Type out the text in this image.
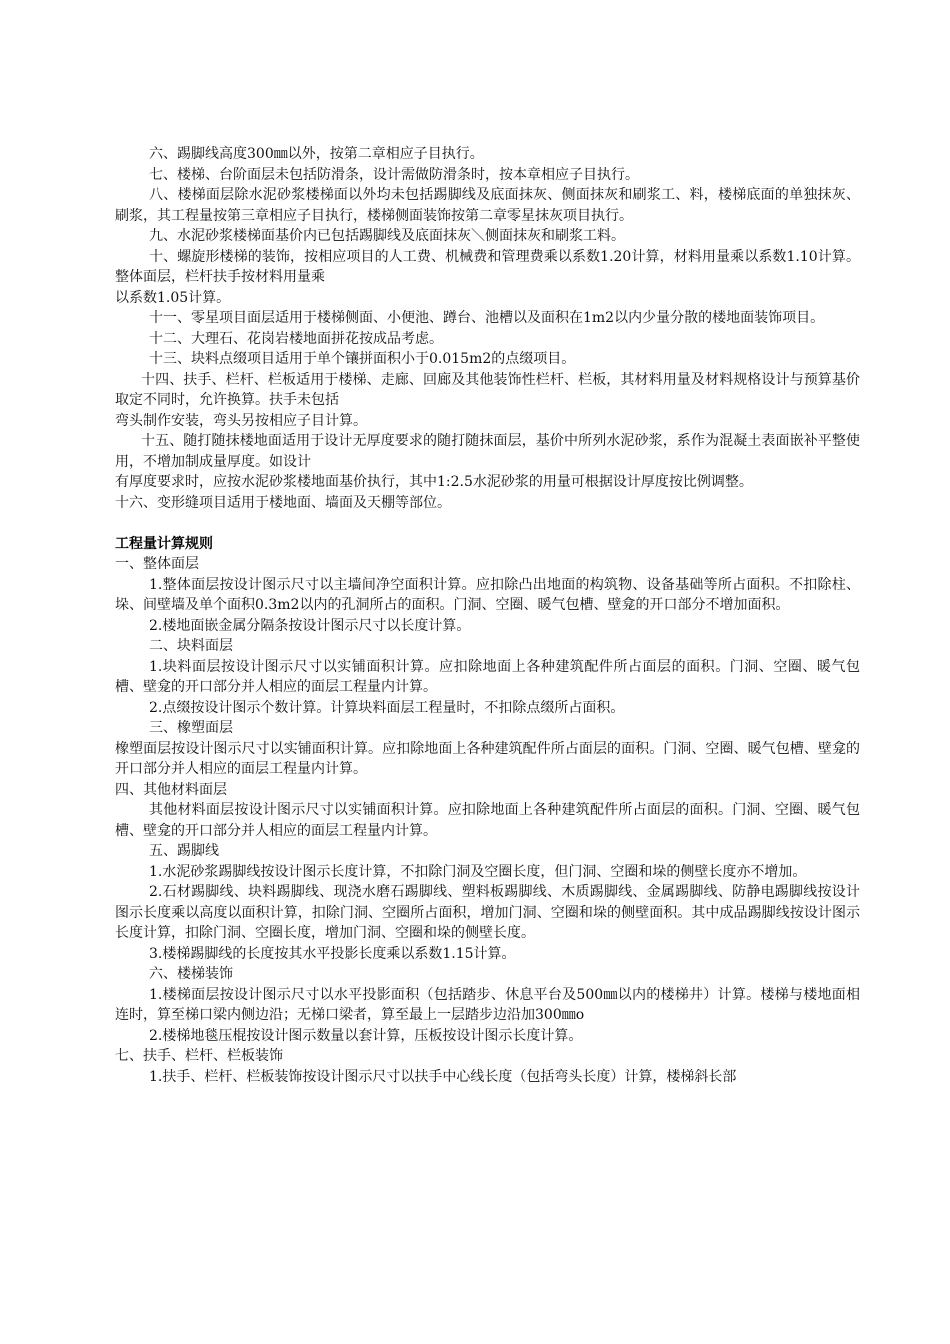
六、踢脚线高度300㎜以外，按第二章相应子目执行。

七、楼梯、台阶面层未包括防滑条，设计需做防滑条时，按本章相应子目执行。

八、楼梯面层除水泥砂浆楼梯面以外均未包括踢脚线及底面抹灰、侧面抹灰和刷浆工、料，楼梯底面的单独抹灰、刷浆，其工程量按第三章相应子目执行，楼梯侧面装饰按第二章零星抹灰项目执行。

九、水泥砂浆楼梯面基价内已包括踢脚线及底面抹灰＼侧面抹灰和刷浆工料。

十、螺旋形楼梯的装饰，按相应项目的人工费、机械费和管理费乘以系数1.20计算，材料用量乘以系数1.10计算。整体面层，栏杆扶手按材料用量乘

以系数1.05计算。

十一、零星项目面层适用于楼梯侧面、小便池、蹲台、池槽以及面积在1m2以内少量分散的楼地面装饰项目。

十二、大理石、花岗岩楼地面拼花按成品考虑。

十三、块料点缀项目适用于单个镶拼面积小于0.015m2的点缀项目。

十四、扶手、栏杆、栏板适用于楼梯、走廊、回廊及其他装饰性栏杆、栏板，其材料用量及材料规格设计与预算基价取定不同时，允许换算。扶手未包括

弯头制作安装，弯头另按相应子目计算。

十五、随打随抹楼地面适用于设计无厚度要求的随打随抹面层，基价中所列水泥砂浆，系作为混凝土表面嵌补平整使用，不增加制成量厚度。如设计

有厚度要求时，应按水泥砂浆楼地面基价执行，其中1:2.5水泥砂浆的用量可根据设计厚度按比例调整。

十六、变形缝项目适用于楼地面、墙面及天棚等部位。

工程量计算规则

一、整体面层

1.整体面层按设计图示尺寸以主墙间净空面积计算。应扣除凸出地面的构筑物、设备基础等所占面积。不扣除柱、垛、间壁墙及单个面积0.3m2以内的孔洞所占的面积。门洞、空圈、暖气包槽、壁龛的开口部分不增加面积。

2.楼地面嵌金属分隔条按设计图示尺寸以长度计算。

二、块料面层

1.块料面层按设计图示尺寸以实铺面积计算。应扣除地面上各种建筑配件所占面层的面积。门洞、空圈、暖气包槽、壁龛的开口部分并人相应的面层工程量内计算。

2.点缀按设计图示个数计算。计算块料面层工程量时，不扣除点缀所占面积。

三、橡塑面层

橡塑面层按设计图示尺寸以实铺面积计算。应扣除地面上各种建筑配件所占面层的面积。门洞、空圈、暖气包槽、壁龛的开口部分并人相应的面层工程量内计算。

四、其他材料面层

其他材料面层按设计图示尺寸以实铺面积计算。应扣除地面上各种建筑配件所占面层的面积。门洞、空圈、暖气包槽、壁龛的开口部分并人相应的面层工程量内计算。

五、踢脚线

1.水泥砂浆踢脚线按设计图示长度计算，不扣除门洞及空圈长度，但门洞、空圈和垛的侧壁长度亦不增加。

2.石材踢脚线、块料踢脚线、现浇水磨石踢脚线、塑料板踢脚线、木质踢脚线、金属踢脚线、防静电踢脚线按设计图示长度乘以高度以面积计算，扣除门洞、空圈所占面积，增加门洞、空圈和垛的侧壁面积。其中成品踢脚线按设计图示长度计算，扣除门洞、空圈长度，增加门洞、空圈和垛的侧壁长度。

3.楼梯踢脚线的长度按其水平投影长度乘以系数1.15计算。

六、楼梯装饰

1.楼梯面层按设计图示尺寸以水平投影面积（包括踏步、休息平台及500㎜以内的楼梯井）计算。楼梯与楼地面相连时，算至梯口梁内侧边沿；无梯口梁者，算至最上一层踏步边沿加300㎜o

2.楼梯地毯压棍按设计图示数量以套计算，压板按设计图示长度计算。

七、扶手、栏杆、栏板装饰

1.扶手、栏杆、栏板装饰按设计图示尺寸以扶手中心线长度（包括弯头长度）计算，楼梯斜长部
